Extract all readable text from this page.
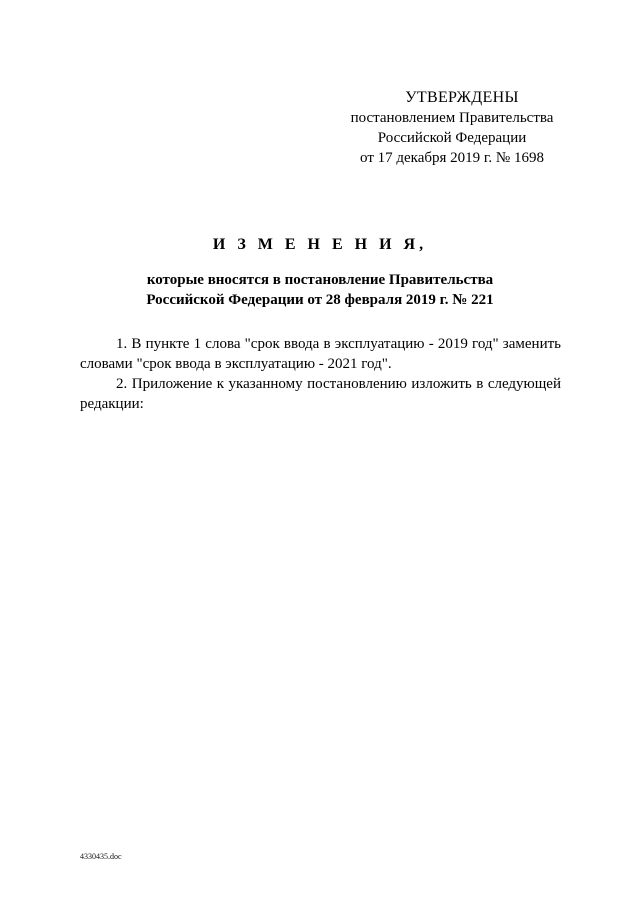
УТВЕРЖДЕНЫ
постановлением Правительства
Российской Федерации
от 17 декабря 2019 г. № 1698
И З М Е Н Е Н И Я,
которые вносятся в постановление Правительства
Российской Федерации от 28 февраля 2019 г. № 221

1. В пункте 1 слова "срок ввода в эксплуатацию - 2019 год" заменить словами "срок ввода в эксплуатацию - 2021 год".

2. Приложение к указанному постановлению изложить в следующей редакции:

4330435.doc
